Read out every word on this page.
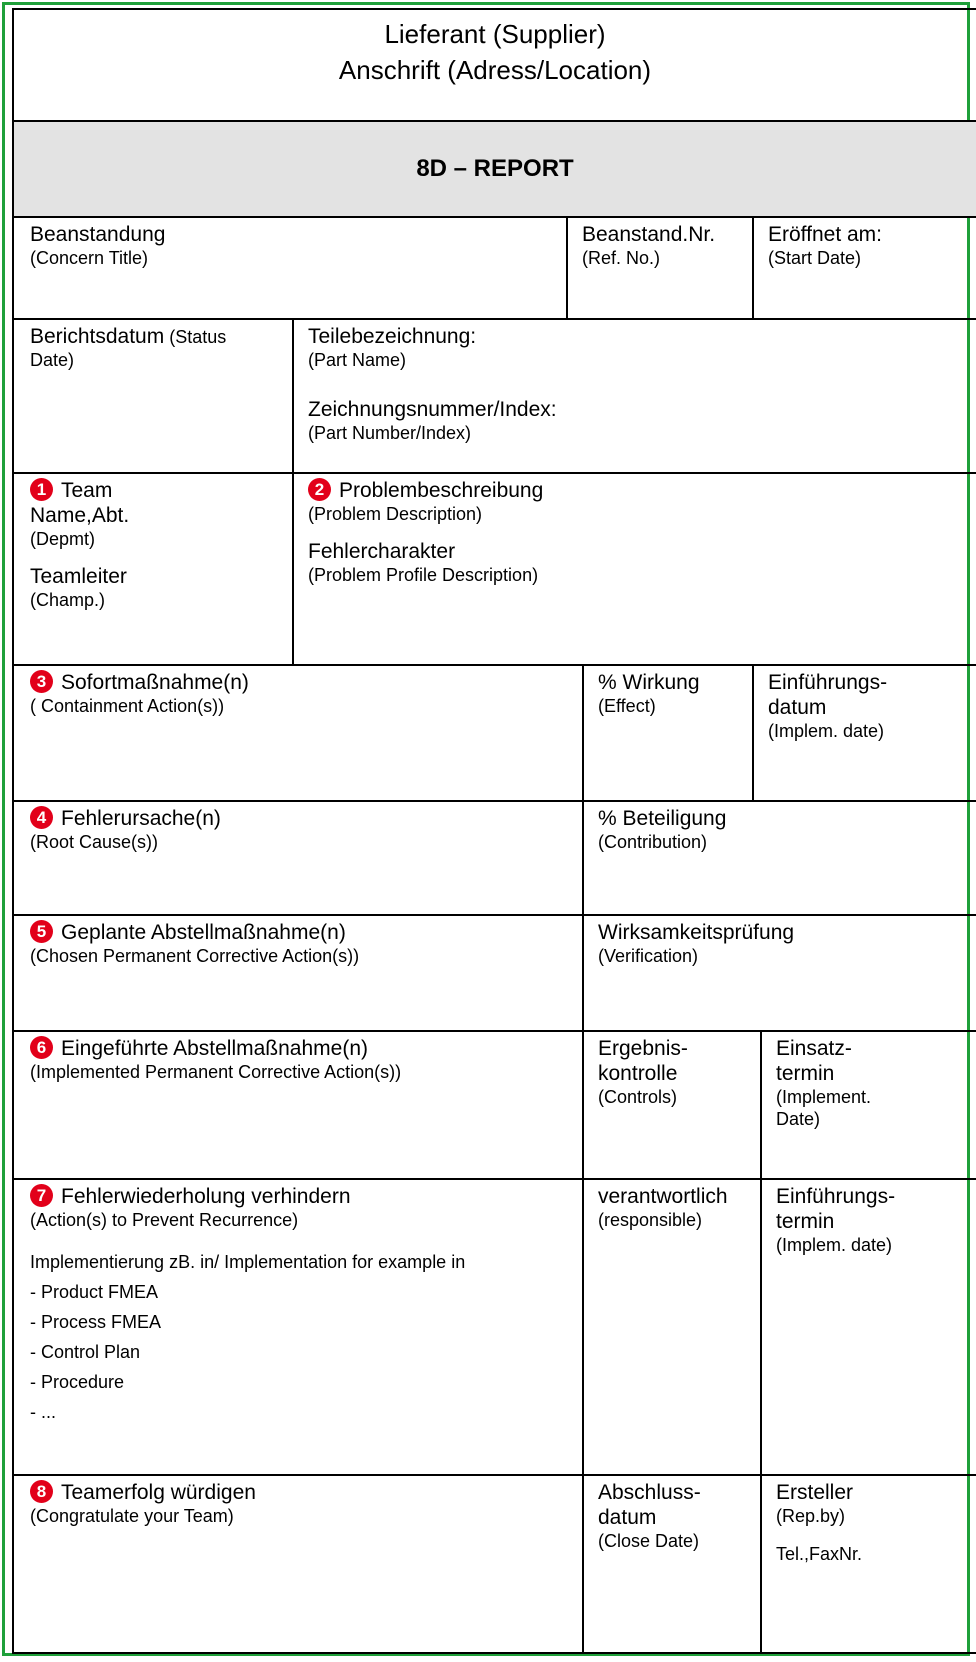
Lieferant (Supplier)
Anschrift (Adress/Location)
8D – REPORT
Beanstandung
(Concern Title)
Beanstand.Nr.
(Ref. No.)
Eröffnet am:
(Start Date)
Berichtsdatum (Status
Date)
Teilebezeichnung:
(Part Name)
Zeichnungsnummer/Index:
(Part Number/Index)
1 Team
Name,Abt.
(Depmt)
Teamleiter
(Champ.)
2 Problembeschreibung
(Problem Description)
Fehlercharakter
(Problem Profile Description)
3 Sofortmaßnahme(n)
( Containment Action(s))
% Wirkung
(Effect)
Einführungs-
datum
(Implem. date)
4 Fehlerursache(n)
(Root Cause(s))
% Beteiligung
(Contribution)
5 Geplante Abstellmaßnahme(n)
(Chosen Permanent Corrective Action(s))
Wirksamkeitsprüfung
(Verification)
6 Eingeführte Abstellmaßnahme(n)
(Implemented Permanent Corrective Action(s))
Ergebnis-
kontrolle
(Controls)
Einsatz-
termin
(Implement.
Date)
7 Fehlerwiederholung verhindern
(Action(s) to Prevent Recurrence)
Implementierung zB. in/ Implementation for example in
- Product FMEA
- Process FMEA
- Control Plan
- Procedure
- ...
verantwortlich
(responsible)
Einführungs-
termin
(Implem. date)
8 Teamerfolg würdigen
(Congratulate your Team)
Abschluss-
datum
(Close Date)
Ersteller
(Rep.by)
Tel.,FaxNr.
